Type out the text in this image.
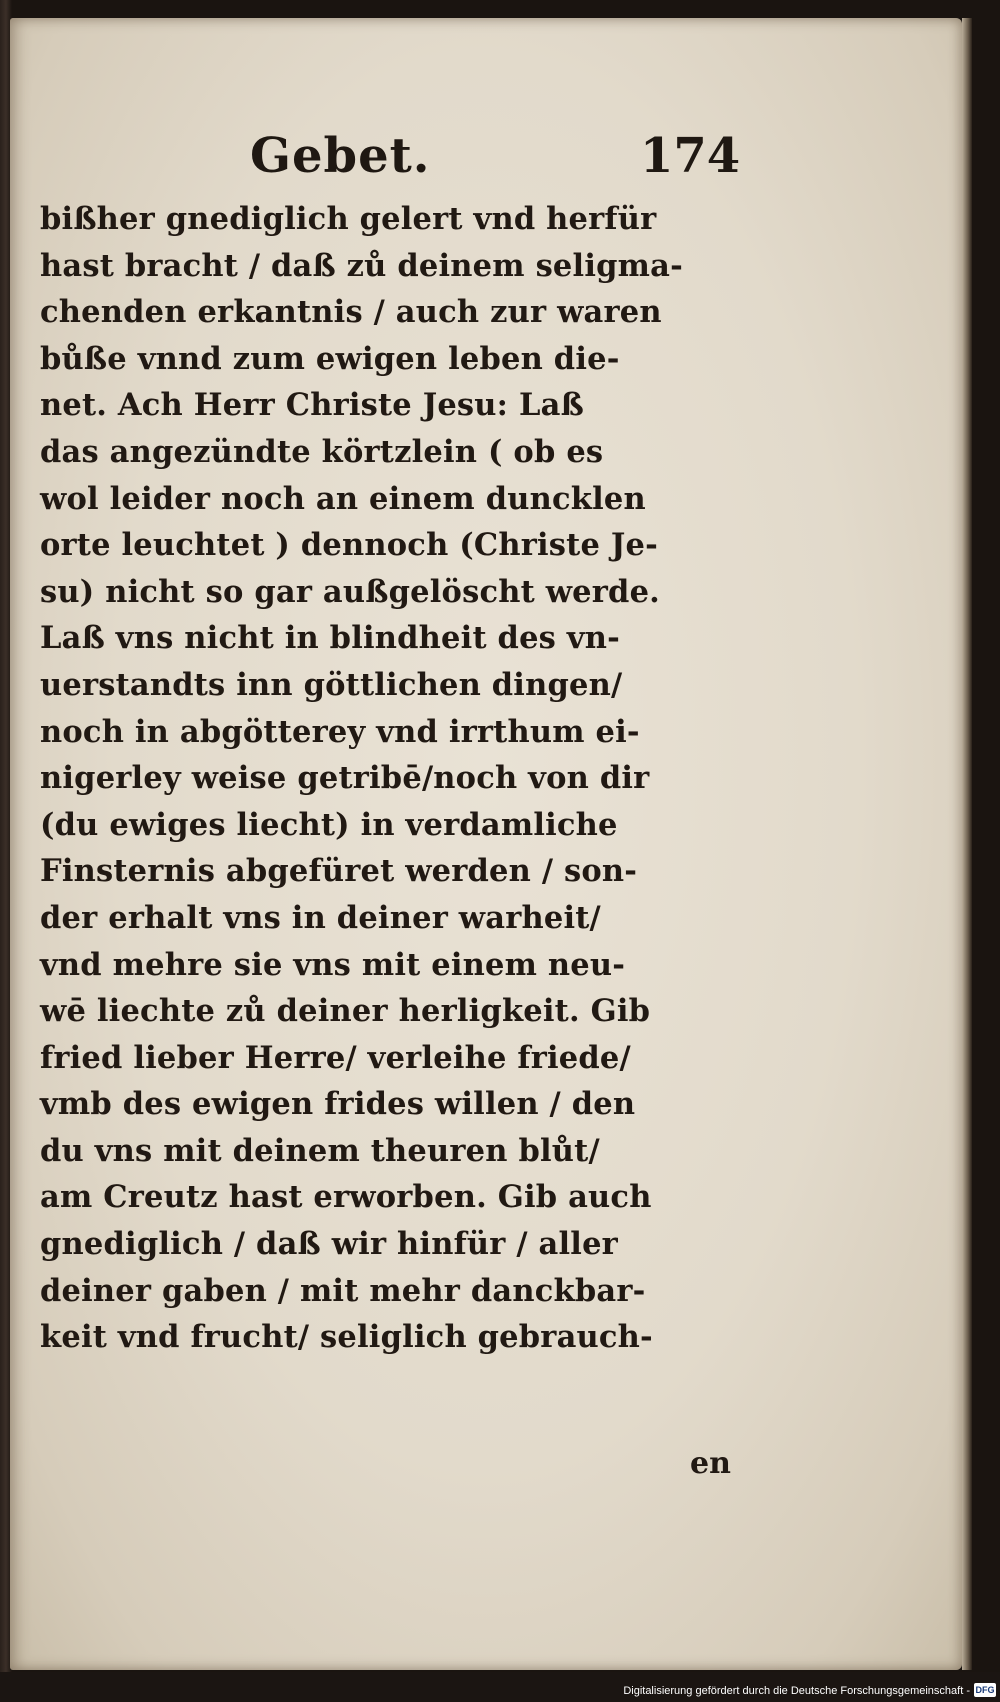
Gebet.	174
bißher gnediglich gelert vnd herfür
hast bracht / daß zů deinem seligma-
chenden erkantnis / auch zur waren
bůße vnnd zum ewigen leben die-
net. Ach Herr Christe Jesu: Laß
das angezündte körtzlein ( ob es
wol leider noch an einem duncklen
orte leuchtet ) dennoch (Christe Je-
su) nicht so gar außgelöscht werde.
Laß vns nicht in blindheit des vn-
uerstandts inn göttlichen dingen/
noch in abgötterey vnd irrthum ei-
nigerley weise getribē/noch von dir
(du ewiges liecht) in verdamliche
Finsternis abgefüret werden / son-
der erhalt vns in deiner warheit/
vnd mehre sie vns mit einem neu-
wē liechte zů deiner herligkeit. Gib
fried lieber Herre/ verleihe friede/
vmb des ewigen frides willen / den
du vns mit deinem theuren blůt/
am Creutz hast erworben. Gib auch
gnediglich / daß wir hinfür / aller
deiner gaben / mit mehr danckbar-
keit vnd frucht/ seliglich gebrauch-
en
Digitalisierung gefördert durch die Deutsche Forschungsgemeinschaft - DFG
